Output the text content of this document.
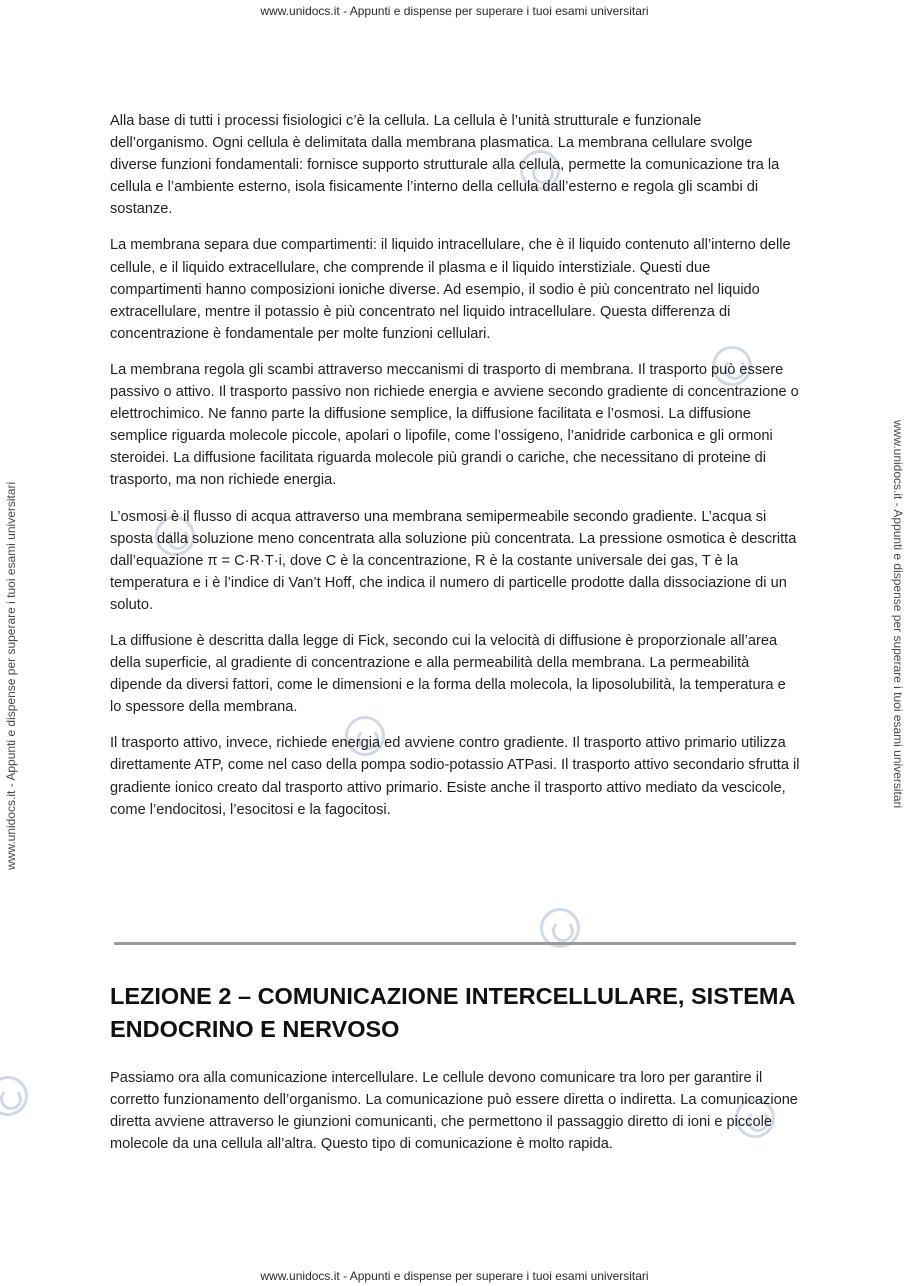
www.unidocs.it - Appunti e dispense per superare i tuoi esami universitari
www.unidocs.it - Appunti e dispense per superare i tuoi esami universitari
www.unidocs.it - Appunti e dispense per superare i tuoi esami universitari	www.unidocs.it - Appunti e dispense per superare i tuoi esami universitari

Alla base di tutti i processi fisiologici c’è la cellula. La cellula è l’unità strutturale e funzionale dell’organismo. Ogni cellula è delimitata dalla membrana plasmatica. La membrana cellulare svolge diverse funzioni fondamentali: fornisce supporto strutturale alla cellula, permette la comunicazione tra la cellula e l’ambiente esterno, isola fisicamente l’interno della cellula dall’esterno e regola gli scambi di sostanze.

La membrana separa due compartimenti: il liquido intracellulare, che è il liquido contenuto all’interno delle cellule, e il liquido extracellulare, che comprende il plasma e il liquido interstiziale. Questi due compartimenti hanno composizioni ioniche diverse. Ad esempio, il sodio è più concentrato nel liquido extracellulare, mentre il potassio è più concentrato nel liquido intracellulare. Questa differenza di concentrazione è fondamentale per molte funzioni cellulari.

La membrana regola gli scambi attraverso meccanismi di trasporto di membrana. Il trasporto può essere passivo o attivo. Il trasporto passivo non richiede energia e avviene secondo gradiente di concentrazione o elettrochimico. Ne fanno parte la diffusione semplice, la diffusione facilitata e l’osmosi. La diffusione semplice riguarda molecole piccole, apolari o lipofile, come l’ossigeno, l’anidride carbonica e gli ormoni steroidei. La diffusione facilitata riguarda molecole più grandi o cariche, che necessitano di proteine di trasporto, ma non richiede energia.

L’osmosi è il flusso di acqua attraverso una membrana semipermeabile secondo gradiente. L’acqua si sposta dalla soluzione meno concentrata alla soluzione più concentrata. La pressione osmotica è descritta dall’equazione π = C·R·T·i, dove C è la concentrazione, R è la costante universale dei gas, T è la temperatura e i è l’indice di Van’t Hoff, che indica il numero di particelle prodotte dalla dissociazione di un soluto.

La diffusione è descritta dalla legge di Fick, secondo cui la velocità di diffusione è proporzionale all’area della superficie, al gradiente di concentrazione e alla permeabilità della membrana. La permeabilità dipende da diversi fattori, come le dimensioni e la forma della molecola, la liposolubilità, la temperatura e lo spessore della membrana.

Il trasporto attivo, invece, richiede energia ed avviene contro gradiente. Il trasporto attivo primario utilizza direttamente ATP, come nel caso della pompa sodio-potassio ATPasi. Il trasporto attivo secondario sfrutta il gradiente ionico creato dal trasporto attivo primario. Esiste anche il trasporto attivo mediato da vescicole, come l’endocitosi, l’esocitosi e la fagocitosi.

LEZIONE 2 – COMUNICAZIONE INTERCELLULARE, SISTEMA ENDOCRINO E NERVOSO

Passiamo ora alla comunicazione intercellulare. Le cellule devono comunicare tra loro per garantire il corretto funzionamento dell’organismo. La comunicazione può essere diretta o indiretta. La comunicazione diretta avviene attraverso le giunzioni comunicanti, che permettono il passaggio diretto di ioni e piccole molecole da una cellula all’altra. Questo tipo di comunicazione è molto rapida.
